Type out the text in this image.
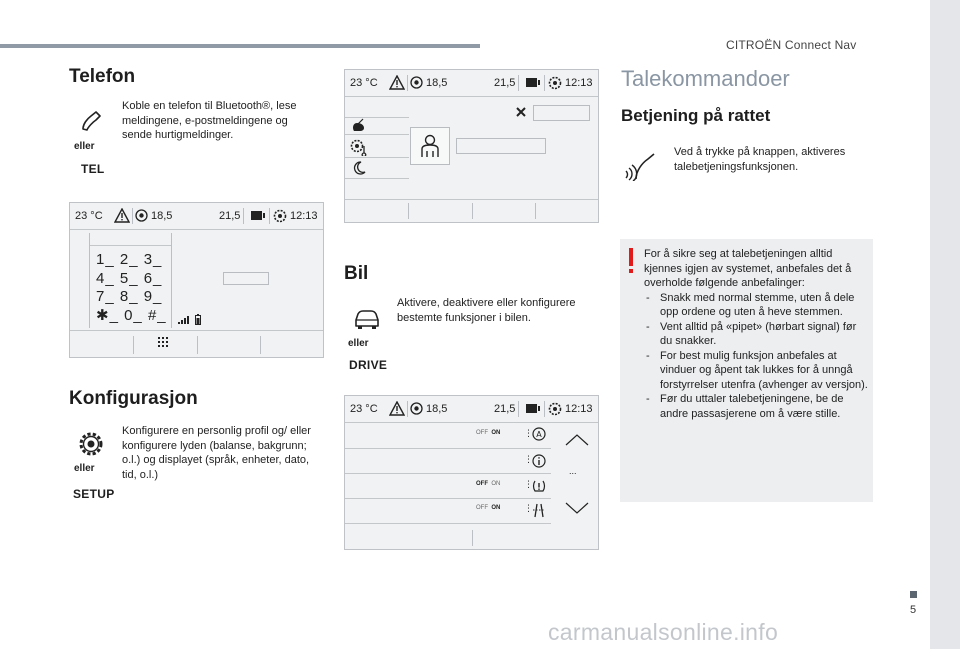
CITROËN Connect Nav
5
carmanualsonline.info
Telefon
eller
TEL
Koble en telefon til Bluetooth®, lese meldingene, e-postmeldingene og sende hurtigmeldinger.
23 °C	18,5	21,5	12:13
1_ 2_ 3_
4_ 5_ 6_
7_ 8_ 9_
✱_ 0_ #_
Konfigurasjon
eller
SETUP
Konfigurere en personlig profil og/ eller konfigurere lyden (balanse, bakgrunn; o.l.) og displayet (språk, enheter, dato, tid, o.l.)
23 °C	18,5	21,5	12:13
Bil
eller
DRIVE
Aktivere, deaktivere eller konfigurere bestemte funksjoner i bilen.
23 °C	18,5	21,5	12:13
OFF ON	⋮ A
⋮
OFF ON	⋮
OFF ON	⋮
...
Talekommandoer
Betjening på rattet
Ved å trykke på knappen, aktiveres talebetjeningsfunksjonen.
For å sikre seg at talebetjeningen alltid kjennes igjen av systemet, anbefales det å overholde følgende anbefalinger:
- Snakk med normal stemme, uten å dele opp ordene og uten å heve stemmen.
- Vent alltid på «pipet» (hørbart signal) før du snakker.
- For best mulig funksjon anbefales at vinduer og åpent tak lukkes for å unngå forstyrrelser utenfra (avhenger av versjon).
- Før du uttaler talebetjeningene, be de andre passasjerene om å være stille.
